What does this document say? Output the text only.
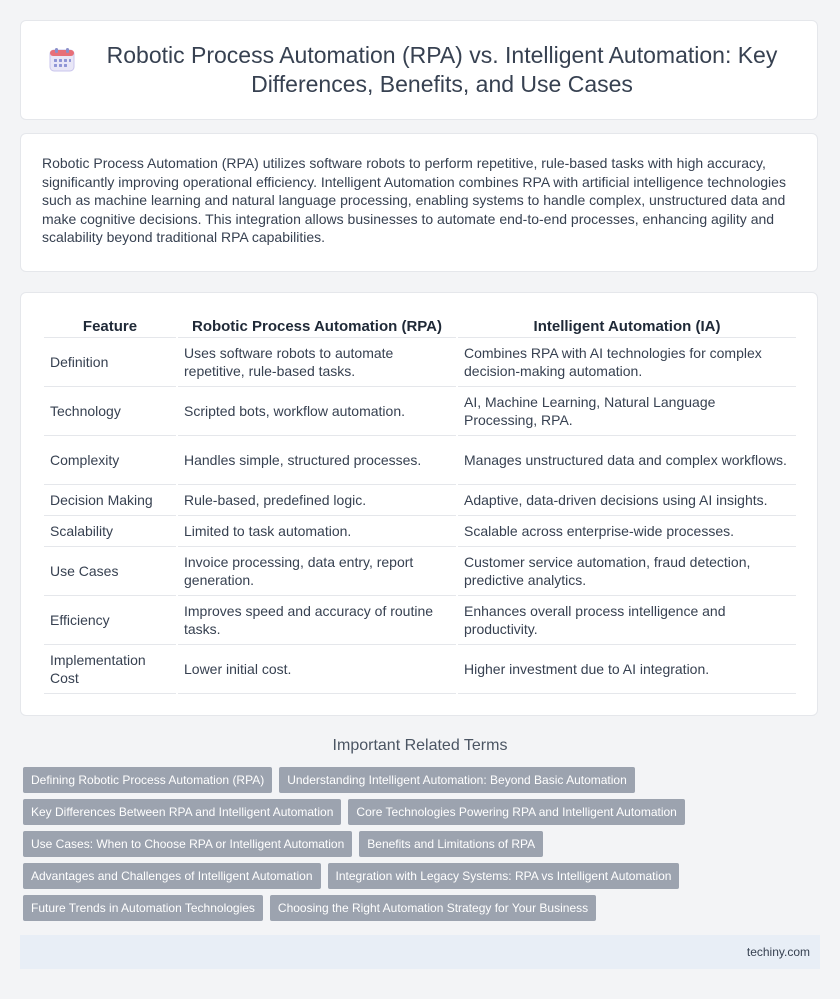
Robotic Process Automation (RPA) vs. Intelligent Automation: Key Differences, Benefits, and Use Cases

Robotic Process Automation (RPA) utilizes software robots to perform repetitive, rule-based tasks with high accuracy, significantly improving operational efficiency. Intelligent Automation combines RPA with artificial intelligence technologies such as machine learning and natural language processing, enabling systems to handle complex, unstructured data and make cognitive decisions. This integration allows businesses to automate end-to-end processes, enhancing agility and scalability beyond traditional RPA capabilities.

Feature	Robotic Process Automation (RPA)	Intelligent Automation (IA)
Definition	Uses software robots to automate repetitive, rule-based tasks.	Combines RPA with AI technologies for complex decision-making automation.
Technology	Scripted bots, workflow automation.	AI, Machine Learning, Natural Language Processing, RPA.
Complexity	Handles simple, structured processes.	Manages unstructured data and complex workflows.
Decision Making	Rule-based, predefined logic.	Adaptive, data-driven decisions using AI insights.
Scalability	Limited to task automation.	Scalable across enterprise-wide processes.
Use Cases	Invoice processing, data entry, report generation.	Customer service automation, fraud detection, predictive analytics.
Efficiency	Improves speed and accuracy of routine tasks.	Enhances overall process intelligence and productivity.
Implementation Cost	Lower initial cost.	Higher investment due to AI integration.
Important Related Terms
Defining Robotic Process Automation (RPA)	Understanding Intelligent Automation: Beyond Basic Automation
Key Differences Between RPA and Intelligent Automation	Core Technologies Powering RPA and Intelligent Automation
Use Cases: When to Choose RPA or Intelligent Automation	Benefits and Limitations of RPA
Advantages and Challenges of Intelligent Automation	Integration with Legacy Systems: RPA vs Intelligent Automation
Future Trends in Automation Technologies	Choosing the Right Automation Strategy for Your Business
techiny.com
